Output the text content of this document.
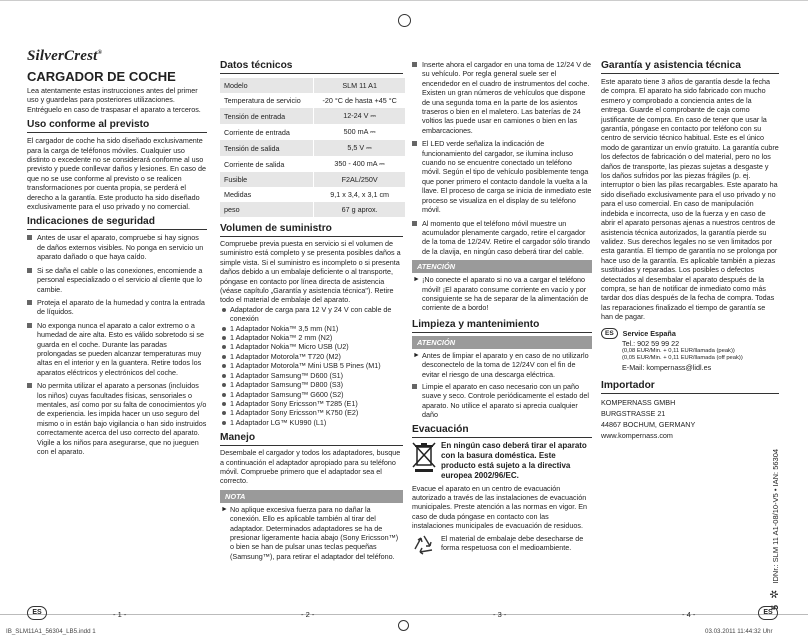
SilverCrest®
CARGADOR DE COCHE

Lea atentamente estas instrucciones antes del primer uso y guardelas para posteriores utilizaciones. Entréguelo en caso de traspasar el aparato a terceros.

Uso conforme al previsto

El cargador de coche ha sido diseñado exclusivamente para la carga de teléfonos móviles. Cualquier uso distinto o excedente no se considerará conforme al uso previsto y puede conllevar daños y lesiones. En caso de que no se use conforme al previsto o se realicen transformaciones por cuenta propia, se perderá el derecho a la garantía. Este producto ha sido diseñado exclusivamente para el uso privado y no comercial.

Indicaciones de seguridad
Antes de usar el aparato, compruebe si hay signos de daños externos visibles. No ponga en servicio un aparato dañado o que haya caído.
Si se daña el cable o las conexiones, encomiende a personal especializado o el servicio al cliente que lo cambie.
Proteja el aparato de la humedad y contra la entrada de líquidos.
No exponga nunca el aparato a calor extremo o a humedad de aire alta. Esto es válido sobretodo si se guarda en el coche. Durante las paradas prolongadas se pueden alcanzar temperaturas muy altas en el interior y en la guantera. Retire todos los aparatos eléctricos y electrónicos del coche.
No permita utilizar el aparato a personas (incluidos los niños) cuyas facultades físicas, sensoriales o mentales, así como por su falta de conocimientos y/o de experiencia. les impida hacer un uso seguro del mismo o in están bajo vigilancia o han sido instruidos correctamente acerca del uso correcto del aparato. Vigile a los niños para asegurarse, que no jueguen con el aparato.
Datos técnicos
Modelo	SLM 11 A1
Temperatura de servicio	-20 °C de hasta +45 °C
Tensión de entrada	12-24 V ⎓
Corriente de entrada	500 mA ⎓
Tensión de salida	5,5 V ⎓
Corriente de salida	350 - 400 mA ⎓
Fusible	F2AL/250V
Medidas	9,1 x 3,4, x 3,1 cm
peso	67 g aprox.
Volumen de suministro

Compruebe previa puesta en servicio si el volumen de suministro está completo y se presenta posibles daños a simple vista. Si el suministro es incompleto o si presenta daños debido a un embalaje deficiente o al transporte, póngase en contacto por línea directa de asistencia (véase capítulo „Garantía y asistencia técnica"). Retire todo el material de embalaje del aparato.

Adaptador de carga para 12 V y 24 V con cable de conexión
1 Adaptador Nokia™ 3,5 mm (N1)
1 Adaptador Nokia™ 2 mm (N2)
1 Adaptador Nokia™ Micro USB (U2)
1 Adaptador Motorola™ T720 (M2)
1 Adaptador Motorola™ Mini USB 5 Pines (M1)
1 Adaptador Samsung™ D600 (S1)
1 Adaptador Samsung™ D800 (S3)
1 Adaptador Samsung™ G600 (S2)
1 Adaptador Sony Ericsson™ T285 (E1)
1 Adaptador Sony Ericsson™ K750 (E2)
1 Adaptador LG™ KU990 (L1)
Manejo

Desembale el cargador y todos los adaptadores, busque a continuación el adaptador apropiado para su teléfono móvil. Compruebe primero que el adaptador sea el correcto.

NOTA
► No aplique excesiva fuerza para no dañar la conexión. Ello es aplicable también al tirar del adaptador. Determinados adaptadores se ha de presionar ligeramente hacia abajo (Sony Ericsson™) o bien se han de pulsar unas teclas pequeñas (Samsung™), para retirar el adaptador del teléfono.
Inserte ahora el cargador en una toma de 12/24 V de su vehículo. Por regla general suele ser el encendedor en el cuadro de instrumentos del coche. Existen un gran números de vehículos que dispone de una segunda toma en la parte de los asientos traseros o bien en el maletero. Las baterías de 24 voltios las puede usar en camiones o bien en las embarcaciones.
El LED verde señaliza la indicación de funcionamiento del cargador, se ilumina incluso cuando no se encuentre conectado un teléfono móvil. Según el tipo de vehículo posiblemente tenga que poner primero el contacto dandole la vuelta a la llave. El proceso de carga se inicia de inmediato este proceso se visualiza en el display de su teléfono móvil.
Al momento que el teléfono móvil muestre un acumulador plenamente cargado, retire el cargador de la toma de 12/24V. Retire el cargador sólo tirando de la clavija, en ningún caso deberá tirar del cable.
ATENCIÓN
► ¡No conecte el aparato si no va a cargar el teléfono móvil! ¡El aparato consume corriente en vacío y por consiguiente se ha de separar de la alimentación de corriente de a bordo!
Limpieza y mantenimiento
ATENCIÓN
► Antes de limpiar el aparato y en caso de no utilizarlo desconectelo de la toma de 12/24V con el fin de evitar el riesgo de una descarga eléctrica.
Limpie el aparato en caso necesario con un paño suave y seco. Controle periódicamente el estado del aparato. No utilice el aparato si aprecia cualquier daño
Evacuación
En ningún caso deberá tirar el aparato con la basura doméstica. Este producto está sujeto a la directiva europea 2002/96/EC.

Evacue el aparato en un centro de evacuación autorizado a través de las instalaciones de evacuación municipales. Preste atención a las normas en vigor. En caso de duda póngase en contacto con las instalaciones municipales de evacuación de residuos.

El material de embalaje debe desecharse de forma respetuosa con el medioambiente.
Garantía y asistencia técnica

Este aparato tiene 3 años de garantía desde la fecha de compra. El aparato ha sido fabricado con mucho esmero y comprobado a conciencia antes de la entrega. Guarde el comprobante de caja como justificante de compra. En caso de tener que usar la garantía, póngase en contacto por teléfono con su centro de servicio técnico habitual. Este es el único modo de garantizar un envío gratuito. La garantía cubre los defectos de fabricación o del material, pero no los daños de transporte, las piezas sujetas a desgaste y los daños sufridos por las piezas frágiles (p. ej. interruptor o bien las pilas recargables. Este aparato ha sido diseñado exclusivamente para el uso privado y no para el uso comercial. En caso de manipulación indebida e incorrecta, uso de la fuerza y en caso de abrir el aparato personas ajenas a nuestros centros de asistencia técnica autorizados, la garantía pierde su validez. Sus derechos legales no se ven limitados por esta garantía. El tiempo de garantía no se prolonga por hace uso de la garantía. Es aplicable también a piezas sustituidas y reparadas. Los posibles o defectos detectados al desembalar el aparato después de la compra, se han de notificar de inmediato como más tardar dos días después de la fecha de compra. Todas las reparaciones finalizado el tiempo de garantía se han de pagar.

ES	Service España
Tel.: 902 59 99 22
(0,08 EUR/Min. + 0,11 EUR/llamada (peak))
(0,05 EUR/Min. + 0,11 EUR/llamada (off peak))
E-Mail: kompernass@lidl.es
Importador
KOMPERNASS GMBH
BURGSTRASSE 21
44867 BOCHUM, GERMANY
www.kompernass.com
5 ✲ IDNr.: SLM 11 A1-08/10-V5 • IAN: 56304
ES	- 1 -	- 2 -	- 3 -	- 4 -	ES
IB_SLM11A1_56304_LB5.indd 1	03.03.2011 11:44:32 Uhr
